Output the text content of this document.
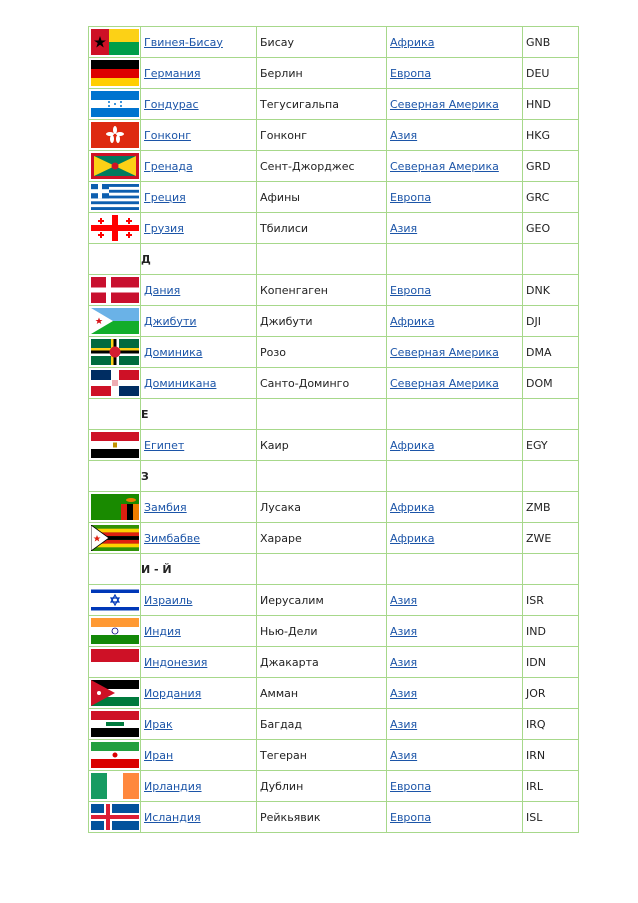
	Гвинея-Бисау	Бисау	Африка	GNB

	Германия	Берлин	Европа	DEU

	Гондурас	Тегусигальпа	Северная Америка	HND

	Гонконг	Гонконг	Азия	HKG

	Гренада	Сент-Джорджес	Северная Америка	GRD

	Греция	Афины	Европа	GRC

	Грузия	Тбилиси	Азия	GEO
	Д			

	Дания	Копенгаген	Европа	DNK

	Джибути	Джибути	Африка	DJI

	Доминика	Розо	Северная Америка	DMA

	Доминикана	Санто-Доминго	Северная Америка	DOM
	Е			

	Египет	Каир	Африка	EGY
	З			

	Замбия	Лусака	Африка	ZMB

	Зимбабве	Хараре	Африка	ZWE
	И - Й			

	Израиль	Иерусалим	Азия	ISR

	Индия	Нью-Дели	Азия	IND

	Индонезия	Джакарта	Азия	IDN

	Иордания	Амман	Азия	JOR

	Ирак	Багдад	Азия	IRQ

	Иран	Тегеран	Азия	IRN

	Ирландия	Дублин	Европа	IRL

	Исландия	Рейкьявик	Европа	ISL
